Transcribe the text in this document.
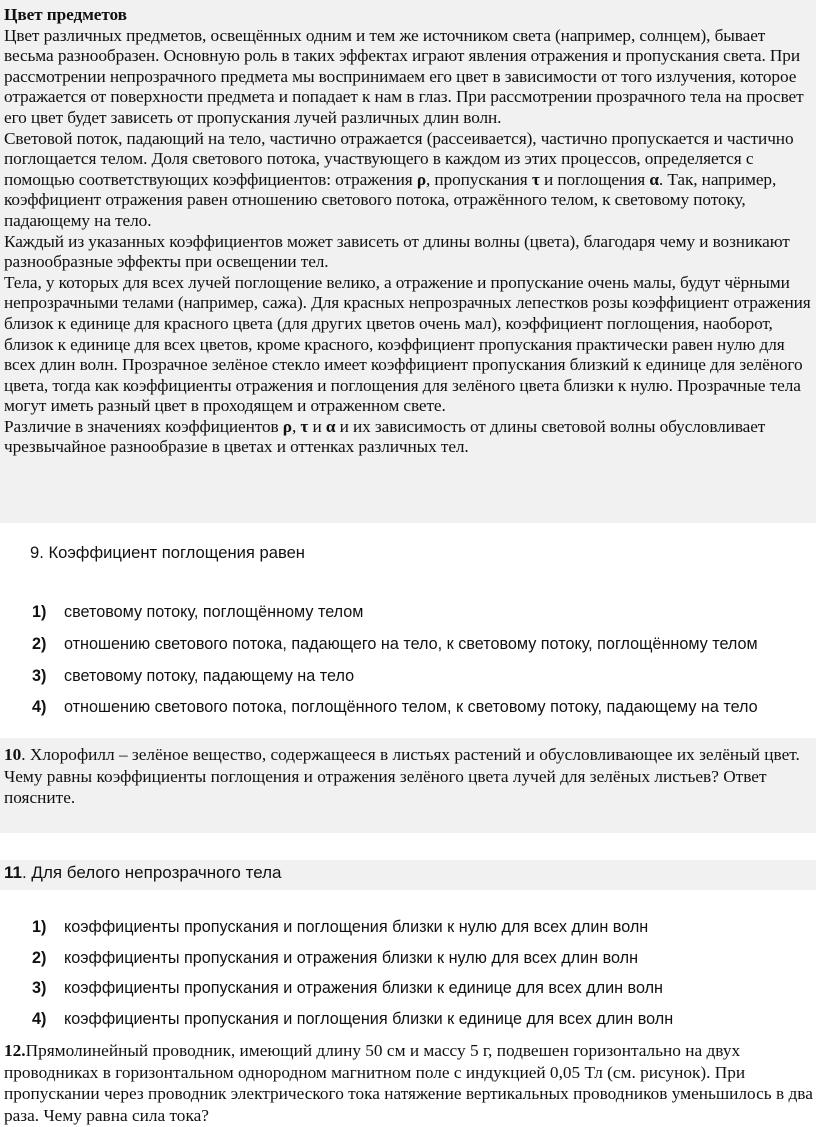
Цвет предметов

Цвет различных предметов, освещённых одним и тем же источником света (например, солнцем), бывает весьма разнообразен. Основную роль в таких эффектах играют явления отражения и пропускания света. При рассмотрении непрозрачного предмета мы воспринимаем его цвет в зависимости от того излучения, которое отражается от поверхности предмета и попадает к нам в глаз. При рассмотрении прозрачного тела на просвет его цвет будет зависеть от пропускания лучей различных длин волн.

Световой поток, падающий на тело, частично отражается (рассеивается), частично пропускается и частично поглощается телом. Доля светового потока, участвующего в каждом из этих процессов, определяется с помощью соответствующих коэффициентов: отражения ρ, пропускания τ и поглощения α. Так, например, коэффициент отражения равен отношению светового потока, отражённого телом, к световому потоку, падающему на тело.

Каждый из указанных коэффициентов может зависеть от длины волны (цвета), благодаря чему и возникают разнообразные эффекты при освещении тел.

Тела, у которых для всех лучей поглощение велико, а отражение и пропускание очень малы, будут чёрными непрозрачными телами (например, сажа). Для красных непрозрачных лепестков розы коэффициент отражения близок к единице для красного цвета (для других цветов очень мал), коэффициент поглощения, наоборот, близок к единице для всех цветов, кроме красного, коэффициент пропускания практически равен нулю для всех длин волн. Прозрачное зелёное стекло имеет коэффициент пропускания близкий к единице для зелёного цвета, тогда как коэффициенты отражения и поглощения для зелёного цвета близки к нулю. Прозрачные тела могут иметь разный цвет в проходящем и отраженном свете.

Различие в значениях коэффициентов ρ, τ и α и их зависимость от длины световой волны обусловливает чрезвычайное разнообразие в цветах и оттенках различных тел.

9. Коэффициент поглощения равен
1) световому потоку, поглощённому телом
2) отношению светового потока, падающего на тело, к световому потоку, поглощённому телом
3) световому потоку, падающему на тело
4) отношению светового потока, поглощённого телом, к световому потоку, падающему на тело
10. Хлорофилл – зелёное вещество, содержащееся в листьях растений и обусловливающее их зелёный цвет. Чему равны коэффициенты поглощения и отражения зелёного цвета лучей для зелёных листьев? Ответ поясните.
11. Для белого непрозрачного тела
1) коэффициенты пропускания и поглощения близки к нулю для всех длин волн
2) коэффициенты пропускания и отражения близки к нулю для всех длин волн
3) коэффициенты пропускания и отражения близки к единице для всех длин волн
4) коэффициенты пропускания и поглощения близки к единице для всех длин волн
12.Прямолинейный проводник, имеющий длину 50 см и массу 5 г, подвешен горизонтально на двух проводниках в горизонтальном однородном магнитном поле с индукцией 0,05 Тл (см. рисунок). При пропускании через проводник электрического тока натяжение вертикальных проводников уменьшилось в два раза. Чему равна сила тока?
